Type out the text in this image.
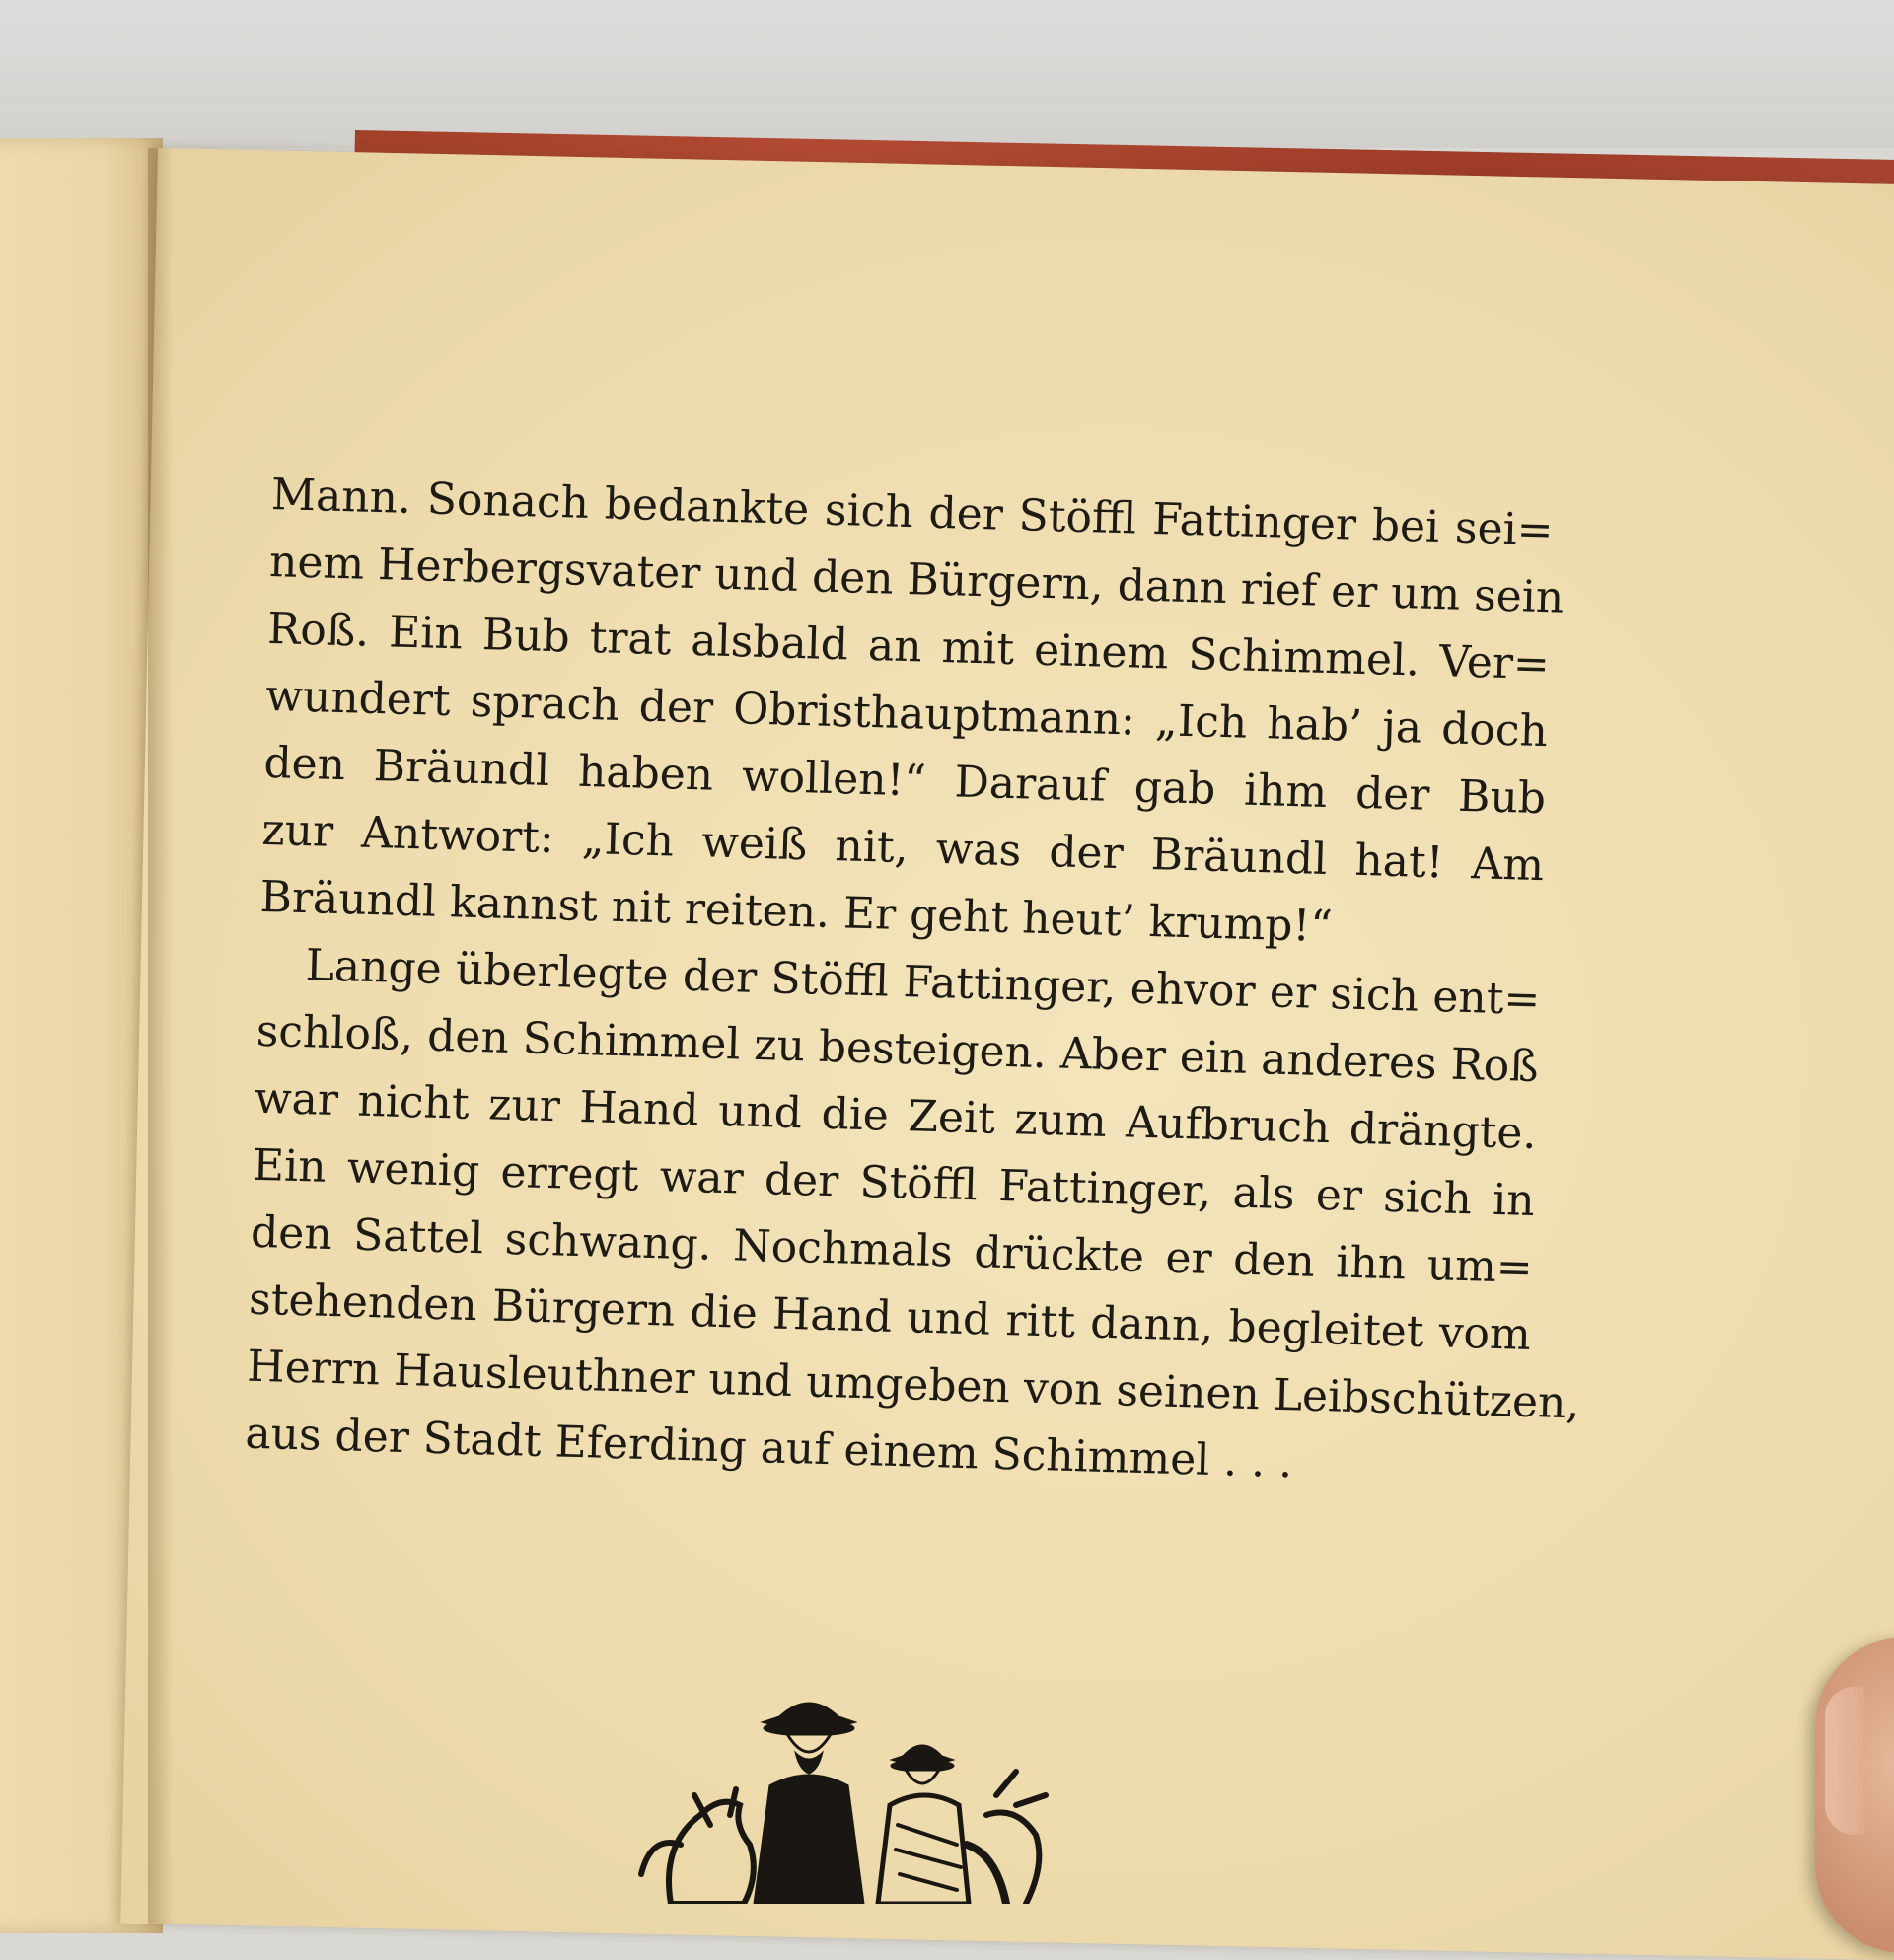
Mann. Sonach bedankte sich der Stöffl Fattinger bei sei=
nem Herbergsvater und den Bürgern, dann rief er um sein
Roß. Ein Bub trat alsbald an mit einem Schimmel. Ver=
wundert sprach der Obristhauptmann: „Ich hab’ ja doch
den Bräundl haben wollen!“ Darauf gab ihm der Bub
zur Antwort: „Ich weiß nit, was der Bräundl hat! Am
Bräundl kannst nit reiten. Er geht heut’ krump!“
Lange überlegte der Stöffl Fattinger, ehvor er sich ent=
schloß, den Schimmel zu besteigen. Aber ein anderes Roß
war nicht zur Hand und die Zeit zum Aufbruch drängte.
Ein wenig erregt war der Stöffl Fattinger, als er sich in
den Sattel schwang. Nochmals drückte er den ihn um=
stehenden Bürgern die Hand und ritt dann, begleitet vom
Herrn Hausleuthner und umgeben von seinen Leibschützen,
aus der Stadt Eferding auf einem Schimmel . . .
